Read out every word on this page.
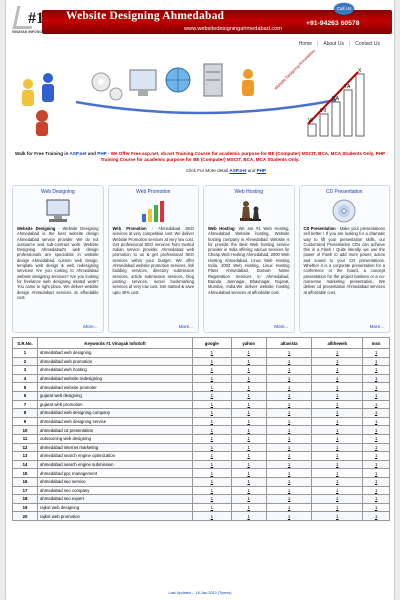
Website Designing Ahmedabad
www.websitedesigningahmedabad.com
Call Us
+91-94263 60578
#1
VINAYAK INFOSOFT
Home | About Us | Contact Us
VI
VII
NA
YA
X
Website Designing Ahmedabad
Walk for Free Training in ASP.net and PHP - We Offer Free asp.net, vb.net Training Course for academic purpose for BE (Computer) MSCIT, BCA, MCA Students Only, PHP Training Course for academic purpose for BE (Computer) MSCIT, BCA, MCA Students Only.
Click For More detail ASP.net and PHP
Web Designing
Website Designing - Website Designing Ahmedabad is the best website design Ahmedabad service provider. We do not outsource and sub-contract work. Website Designing Ahmedabad's web design professionals are specialists in website design Ahmedabad, custom web design, template web design & web redesigning services! Are you looking to Ahmedabad website designing services? Are you looking for freelance web designing related work? You came to right place. We deliver website design Ahmedabad services at affordable cost.
More...
Web Promotion
Web Promotion - Ahmedabad SEO services at very competitive cost. We deliver Website Promotion services at very low cost. Get professional SEO services from trusted Indian service provider. Ahmedabad web promotion to us & get professional SEO services within your budget. We offer Ahmedabad website promotion services, link building services, directory submission services, article submission services, blog posting services, social bookmarking services at very low cost. Get started & save upto 40% cost.
More...
Web Hosting
Web Hosting- We are #1 Web Hosting, Ahmedabad Website hosting, Website hosting company in Ahmedabad. Website is for provide the Best Web hosting service provider in India offering various services for Cheap Web Hosting Ahmedabad, 2000 Web Hosting Ahmedabad, Linux Web Hosting India, 2003 Web Hosting, Linux Hosting Plans Ahmedabad, Domain Name Registration Services in Ahmedabad, Baroda, Jamnagar, Bhavnagar, Gujarat, Mumbai, India.We deliver website hosting Ahmedabad services at affordable cost.
More...
CD Presentation
CD Presentation - Make your presentations sell better ! If you are looking for a dramatic way to lift your presentation skills, our Customized Presentation CDs can achieve this in a Flash ! Quite literally, we use the power of Flash to add more power, action and sound to your CD presentations. Whether it is a corporate presentation for a conference or the board, a concept presentation for the project bankers or a no-nonsense marketing presentation, We deliver cd presentation Ahmedabad services at affordable cost.
More...
S.R.No.	Keywords #1 Vinayak InfoSoft	google	yahoo	altavista	alltheweb	msn
1	ahmedabad web designing	1	1	1	1	1
2	ahmedabad web promotion	1	1	1	1	1
3	ahmedabad web hosting	1	1	1	1	1
4	ahmedabad website redesigning	1	1	1	1	1
5	ahmedabad website promoter	1	1	1	1	1
6	gujarat web designing	1	1	1	1	1
7	gujarat web promotion	1	1	1	1	1
8	ahmedabad web designing company	1	1	1	1	1
9	ahmedabad web designing service	1	1	1	1	1
10	ahmedabad cd presentation	1	1	1	1	1
11	outsourcing web designing	1	1	1	1	1
12	ahmedabad internet marketing	1	1	1	1	1
13	ahmedabad search engine optimization	1	1	1	1	1
14	ahmedabad search engine submission	1	1	1	1	1
15	ahmedabad ppc management	1	1	1	1	1
16	ahmedabad seo service	1	1	1	1	1
17	ahmedabad seo company	1	1	1	1	1
18	ahmedabad seo expert	1	1	1	1	1
19	rajkot web designing	1	1	1	1	1
20	rajkot web promotion	1	1	1	1	1
Last Updated :- 16-Jan-2013 (Tymes)
